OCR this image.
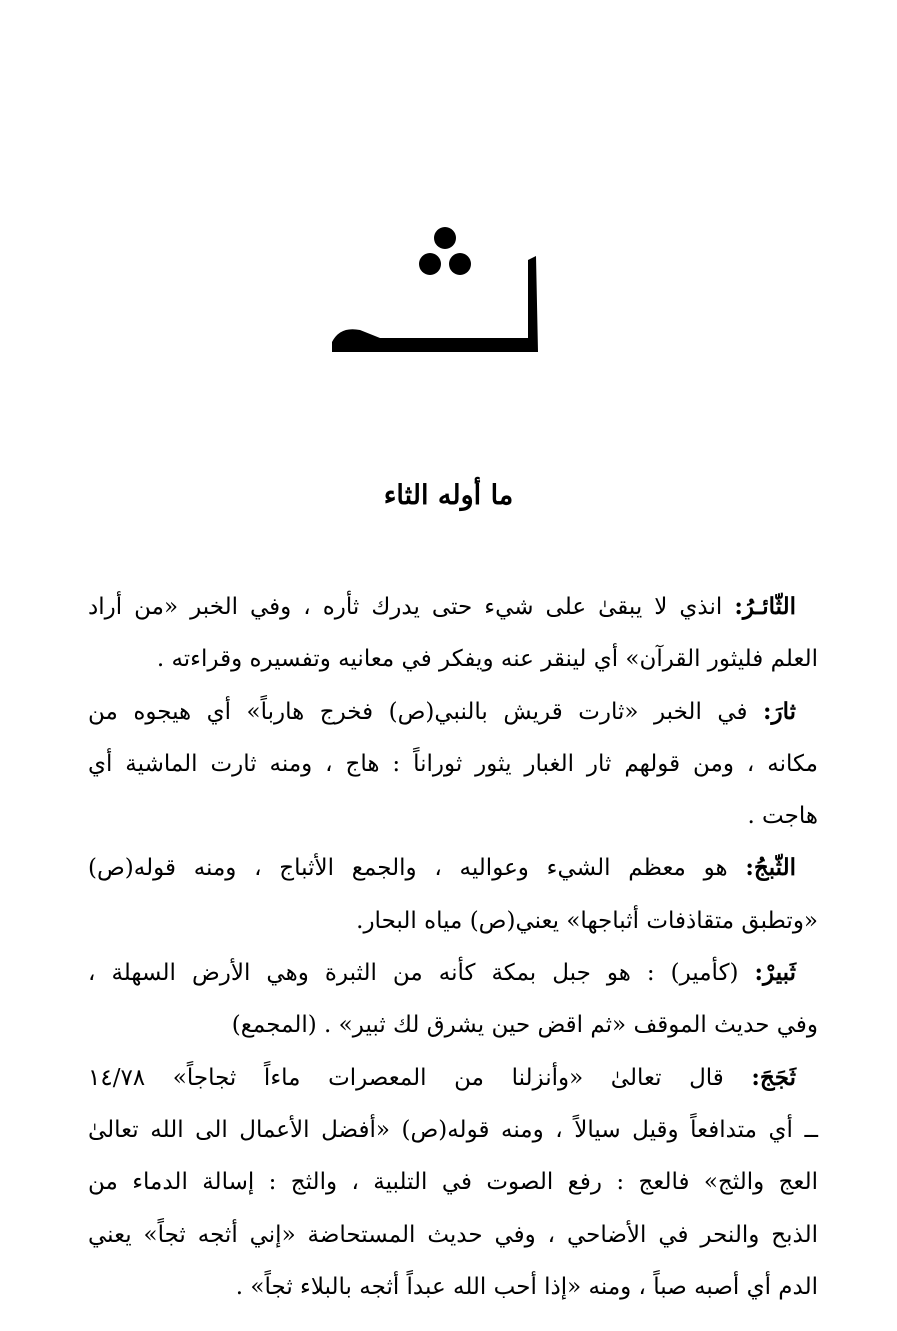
ما أوله الثاء
الثّائـرُ: انذي لا يبقىٰ على شيء حتى يدرك ثأره ، وفي الخبر «من أراد
العلم فليثور القرآن» أي لينقر عنه ويفكر في معانيه وتفسيره وقراءته .
ثارَ: في الخبر «ثارت قريش بالنبي(ص) فخرج هارباً» أي هيجوه من
مكانه ، ومن قولهم ثار الغبار يثور ثوراناً : هاج ، ومنه ثارت الماشية أي
هاجت .
الثّبجُ: هو معظم الشيء وعواليه ، والجمع الأثباج ، ومنه قوله(ص)
«وتطبق متقاذفات أثباجها» يعني(ص) مياه البحار.
ثَبيرْ: (كأمير) : هو جبل بمكة كأنه من الثبرة وهي الأرض السهلة ،
وفي حديث الموقف «ثم اقض حين يشرق لك ثبير» . (المجمع)
ثَجَجَ: قال تعالىٰ «وأنزلنا من المعصرات ماءاً ثجاجاً» ١٤/٧٨
ــ أي متدافعاً وقيل سيالاً ، ومنه قوله(ص) «أفضل الأعمال الى الله تعالىٰ
العج والثج» فالعج : رفع الصوت في التلبية ، والثج : إسالة الدماء من
الذبح والنحر في الأضاحي ، وفي حديث المستحاضة «إني أثجه ثجاً» يعني
الدم أي أصبه صباً ، ومنه «إذا أحب الله عبداً أثجه بالبلاء ثجاً» .
